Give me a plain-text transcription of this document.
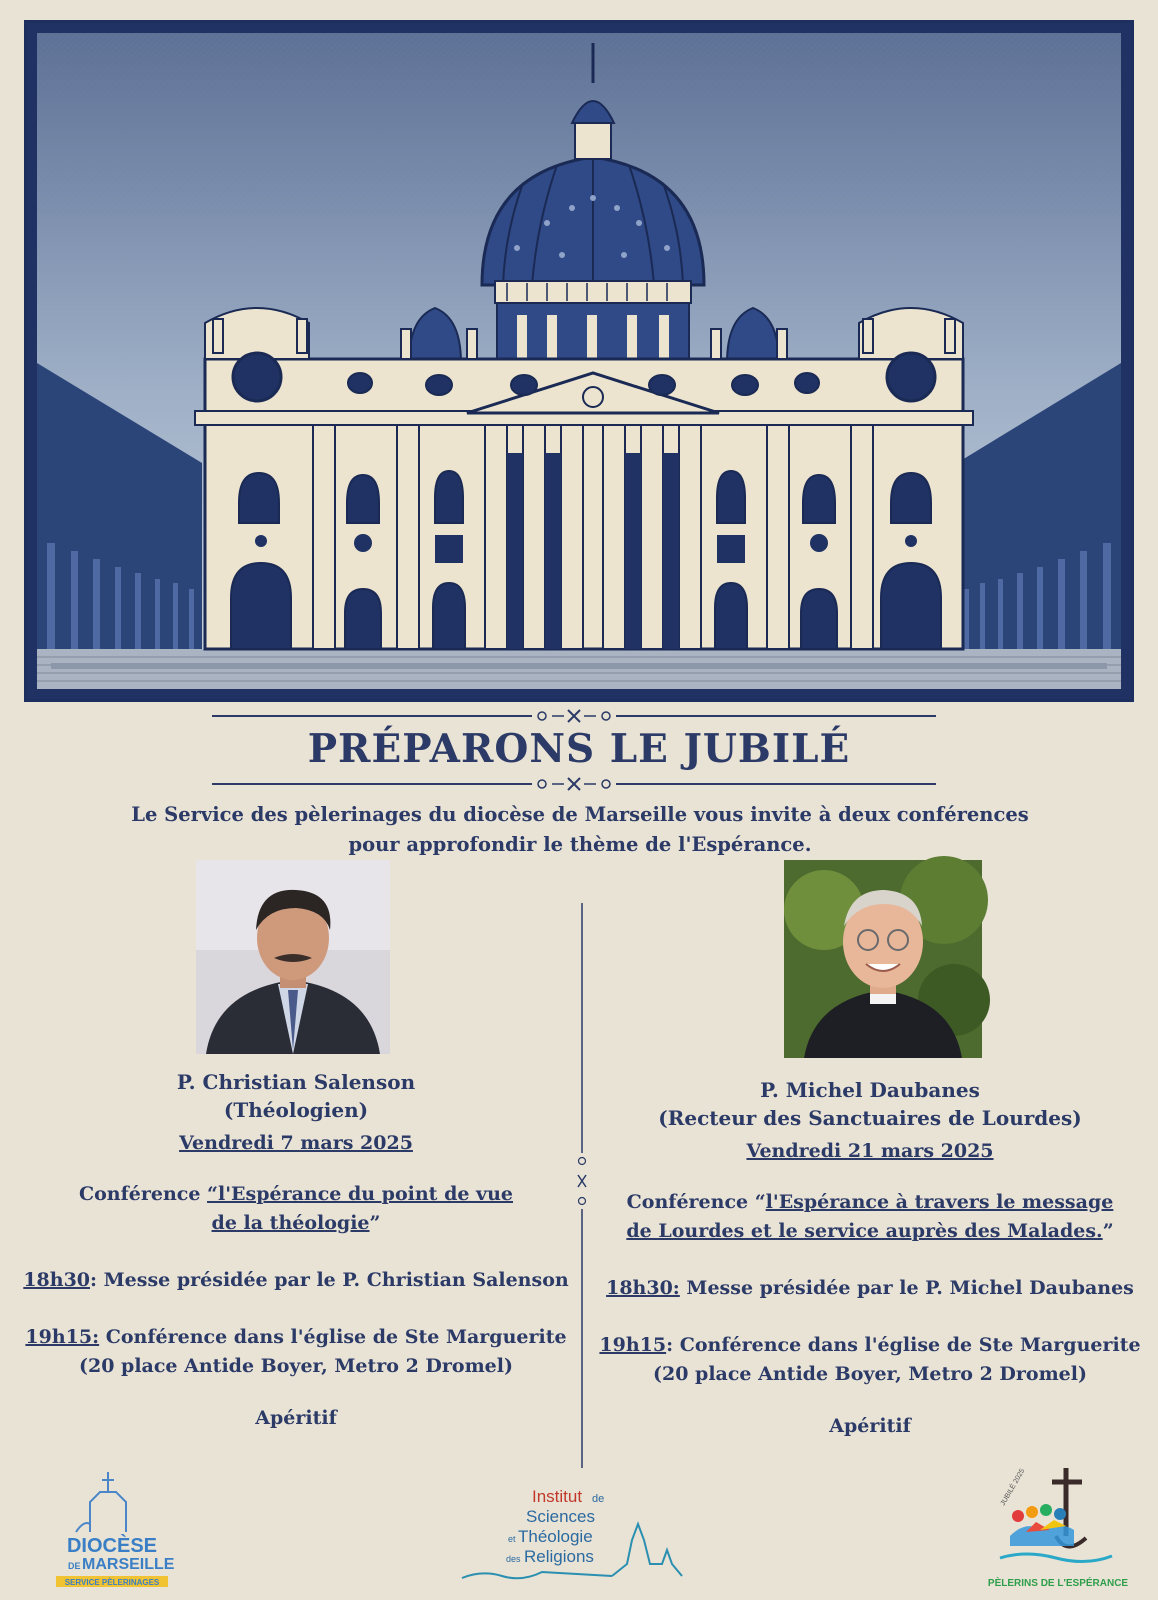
PRÉPARONS LE JUBILÉ
Le Service des pèlerinages du diocèse de Marseille vous invite à deux conférences
pour approfondir le thème de l'Espérance.
P. Christian Salenson
(Théologien)
Vendredi 7 mars 2025
Conférence “l'Espérance du point de vue
de la théologie”
18h30: Messe présidée par le P. Christian Salenson
19h15: Conférence dans l'église de Ste Marguerite
(20 place Antide Boyer, Metro 2 Dromel)
Apéritif
P. Michel Daubanes
(Recteur des Sanctuaires de Lourdes)
Vendredi 21 mars 2025
Conférence “l'Espérance à travers le message
de Lourdes et le service auprès des Malades.”
18h30: Messe présidée par le P. Michel Daubanes
19h15: Conférence dans l'église de Ste Marguerite
(20 place Antide Boyer, Metro 2 Dromel)
Apéritif
DIOCÈSE
DE MARSEILLE
SERVICE PÈLERINAGES
Institut de
Sciences
et Théologie
des Religions
JUBILÉ 2025
PÈLERINS DE L'ESPÉRANCE
